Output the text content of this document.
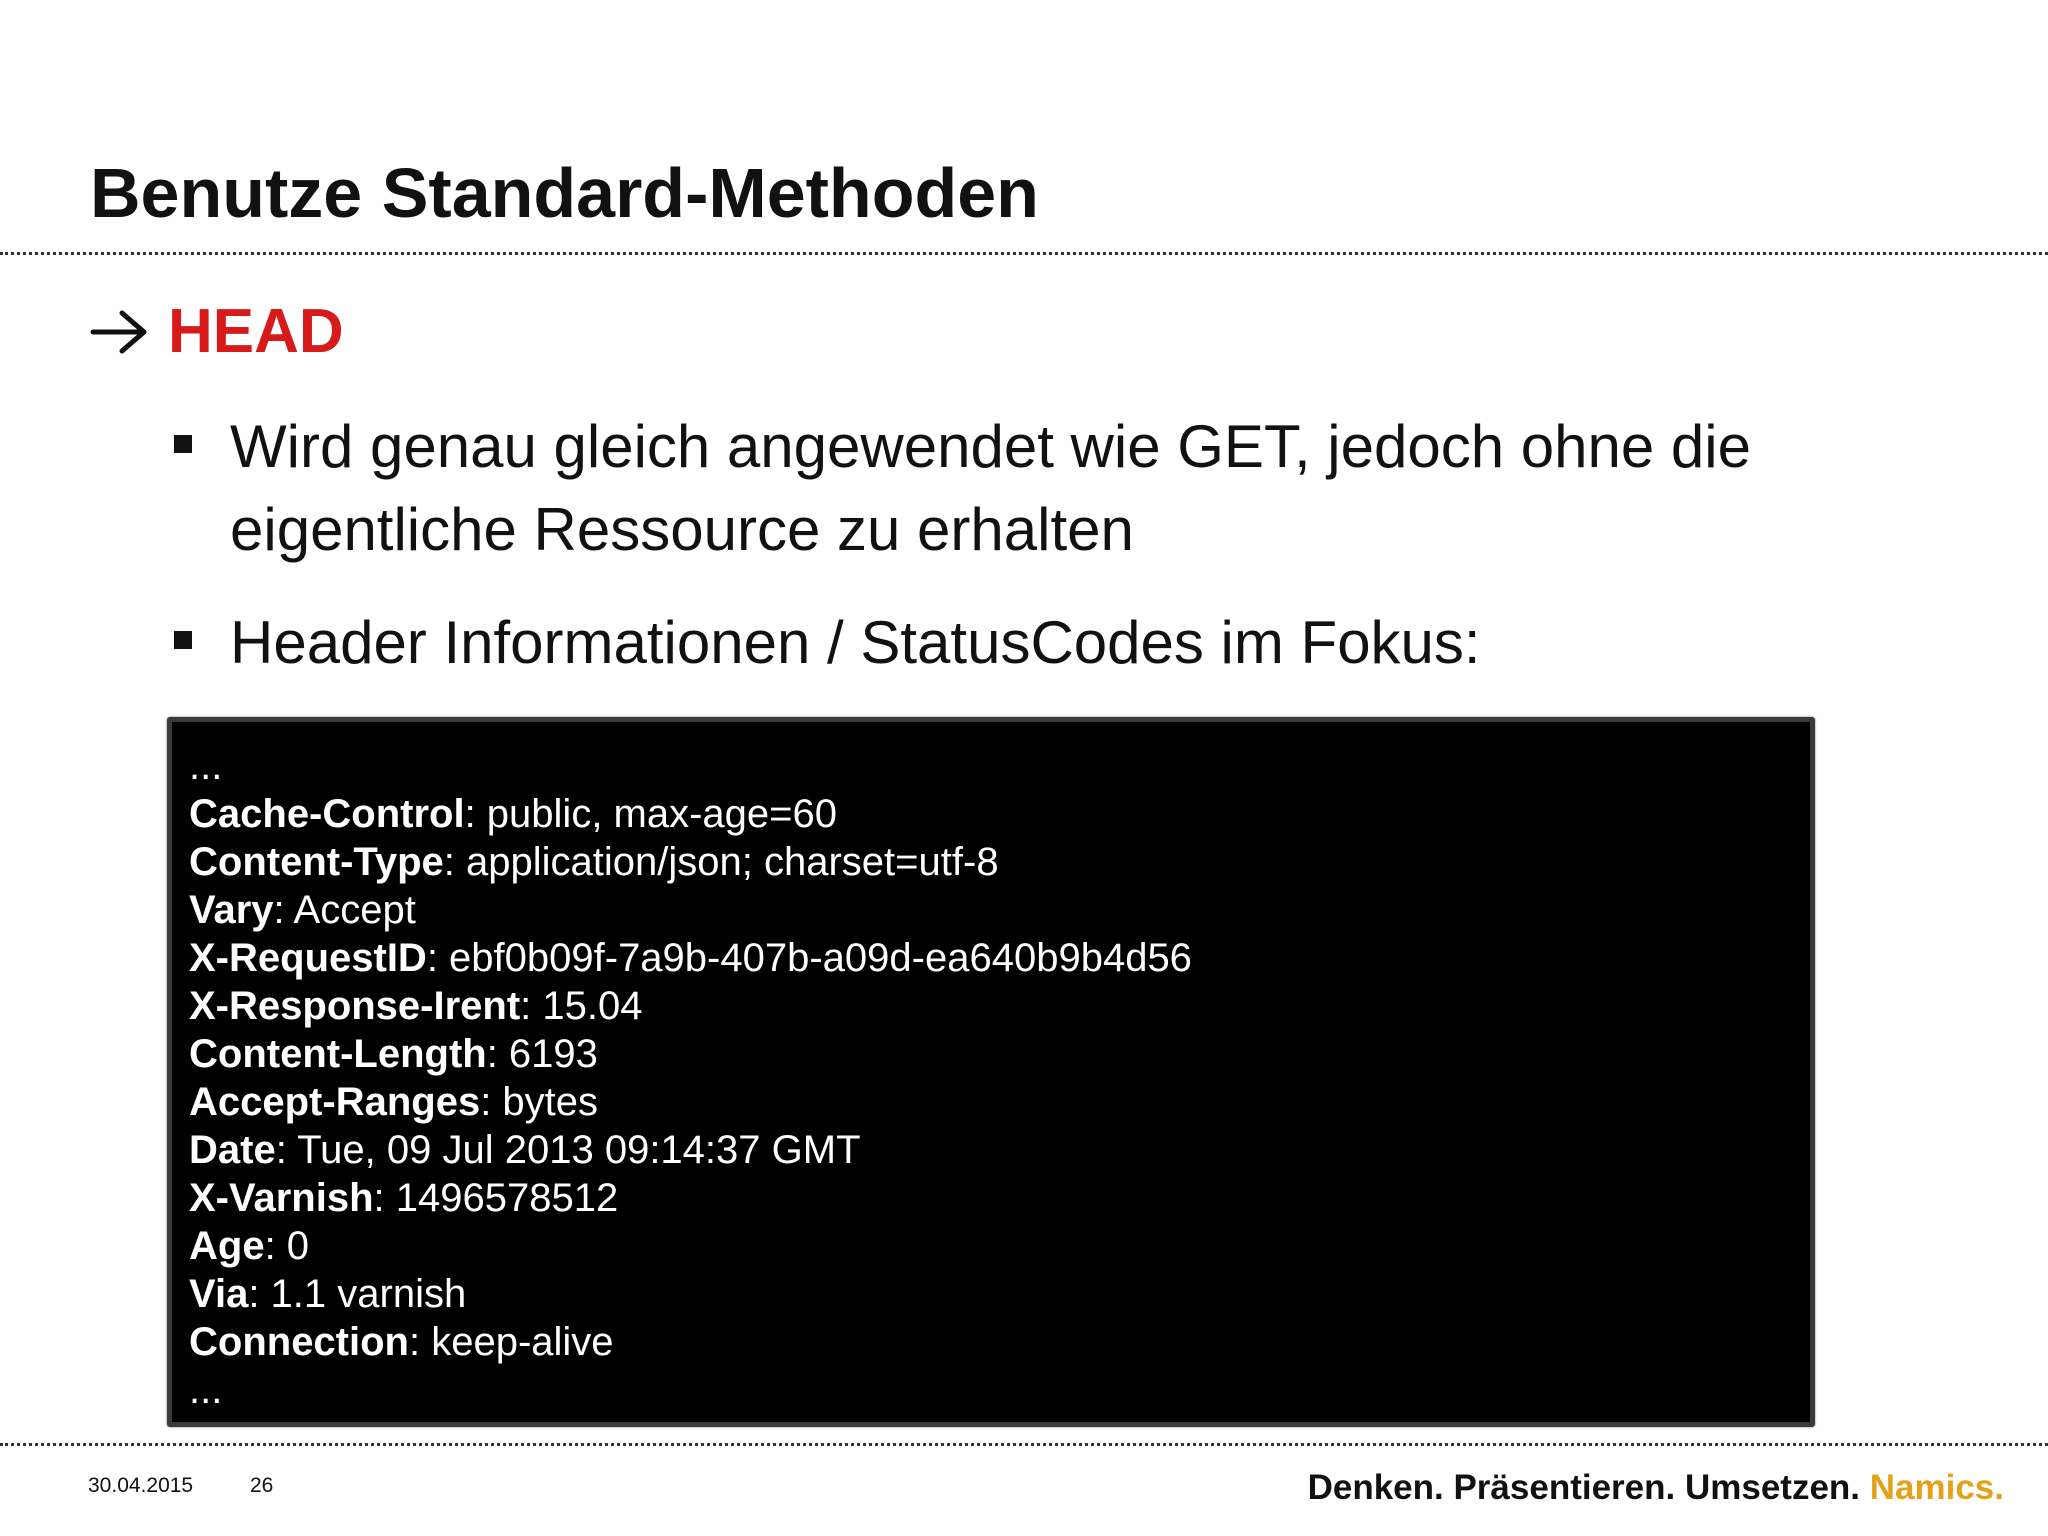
Benutze Standard-Methoden
HEAD
Wird genau gleich angewendet wie GET, jedoch ohne die eigentliche Ressource zu erhalten
Header Informationen / StatusCodes im Fokus:
...
Cache-Control: public, max-age=60
Content-Type: application/json; charset=utf-8
Vary: Accept
X-RequestID: ebf0b09f-7a9b-407b-a09d-ea640b9b4d56
X-Response-Irent: 15.04
Content-Length: 6193
Accept-Ranges: bytes
Date: Tue, 09 Jul 2013 09:14:37 GMT
X-Varnish: 1496578512
Age: 0
Via: 1.1 varnish
Connection: keep-alive
...
30.04.2015	26	Denken. Präsentieren. Umsetzen. Namics.
